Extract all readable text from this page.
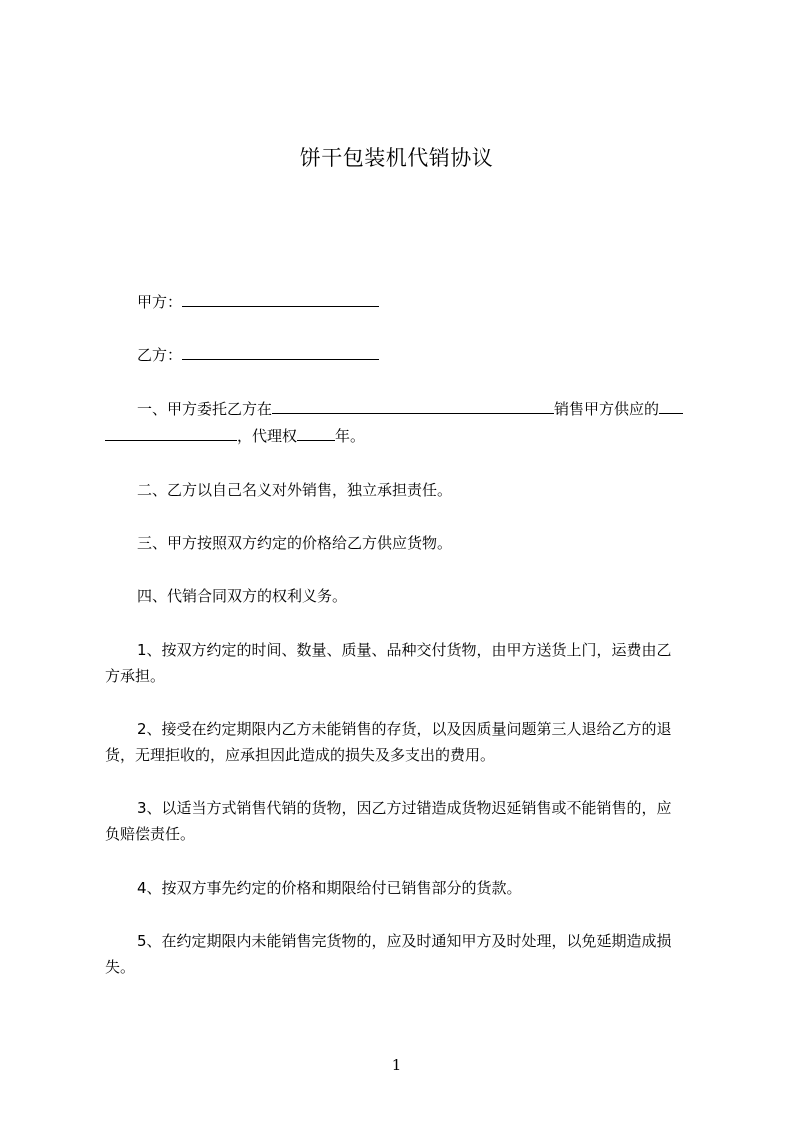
饼干包装机代销协议
甲方：
乙方：
一、甲方委托乙方在	销售甲方供应的
，代理权	年。
二、乙方以自己名义对外销售，独立承担责任。
三、甲方按照双方约定的价格给乙方供应货物。
四、代销合同双方的权利义务。
1、按双方约定的时间、数量、质量、品种交付货物，由甲方送货上门，运费由乙
方承担。
2、接受在约定期限内乙方未能销售的存货，以及因质量问题第三人退给乙方的退
货，无理拒收的，应承担因此造成的损失及多支出的费用。
3、以适当方式销售代销的货物，因乙方过错造成货物迟延销售或不能销售的，应
负赔偿责任。
4、按双方事先约定的价格和期限给付已销售部分的货款。
5、在约定期限内未能销售完货物的，应及时通知甲方及时处理，以免延期造成损
失。
1
